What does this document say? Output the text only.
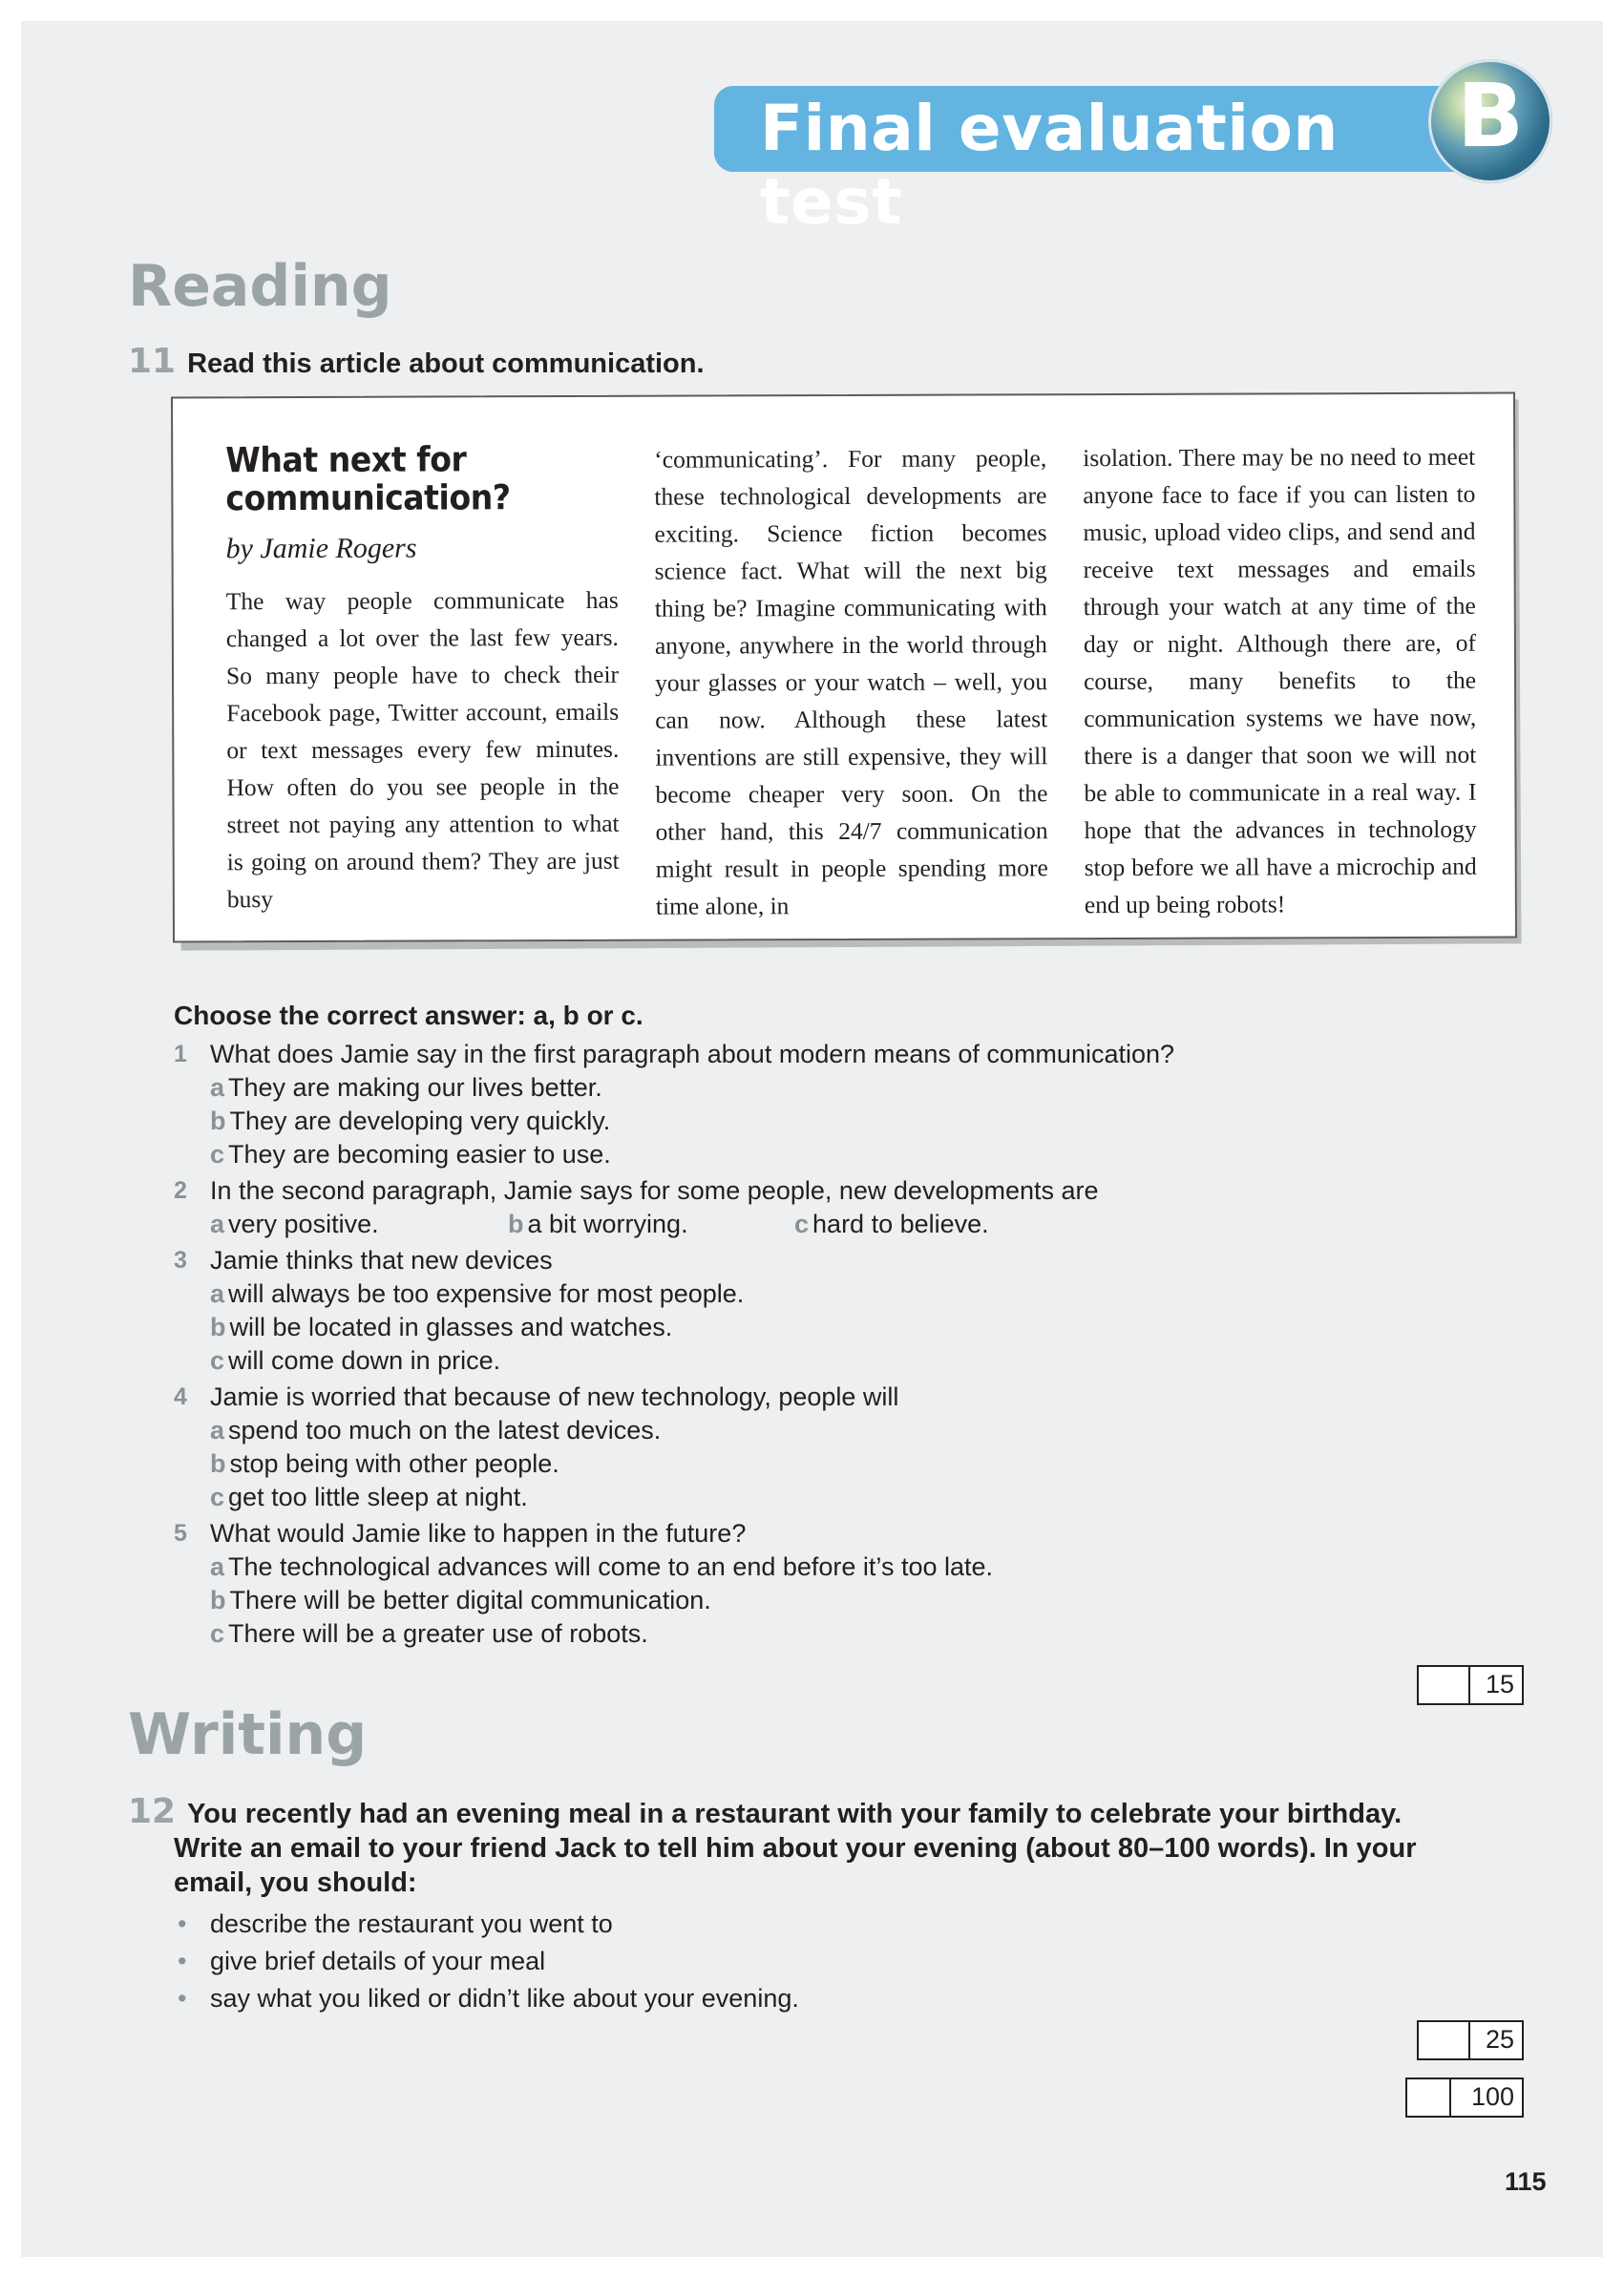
Final evaluation test
B
Reading
11 Read this article about communication.
What next for
communication?
by Jamie Rogers
The way people communicate has changed a lot over the last few years. So many people have to check their Facebook page, Twitter account, emails or text messages every few minutes. How often do you see people in the street not paying any attention to what is going on around them? They are just busy
‘communicating’. For many people, these technological developments are exciting. Science fiction becomes science fact. What will the next big thing be? Imagine communicating with anyone, anywhere in the world through your glasses or your watch – well, you can now. Although these latest inventions are still expensive, they will become cheaper very soon. On the other hand, this 24/7 communication might result in people spending more time alone, in
isolation. There may be no need to meet anyone face to face if you can listen to music, upload video clips, and send and receive text messages and emails through your watch at any time of the day or night. Although there are, of course, many benefits to the communication systems we have now, there is a danger that soon we will not be able to communicate in a real way. I hope that the advances in technology stop before we all have a microchip and end up being robots!
Choose the correct answer: a, b or c.
1 What does Jamie say in the first paragraph about modern means of communication?
a They are making our lives better.
b They are developing very quickly.
c They are becoming easier to use.
2 In the second paragraph, Jamie says for some people, new developments are
a very positive.	b a bit worrying.	c hard to believe.
3 Jamie thinks that new devices
a will always be too expensive for most people.
b will be located in glasses and watches.
c will come down in price.
4 Jamie is worried that because of new technology, people will
a spend too much on the latest devices.
b stop being with other people.
c get too little sleep at night.
5 What would Jamie like to happen in the future?
a The technological advances will come to an end before it’s too late.
b There will be better digital communication.
c There will be a greater use of robots.
15
Writing
12 You recently had an evening meal in a restaurant with your family to celebrate your birthday.
Write an email to your friend Jack to tell him about your evening (about 80–100 words). In your
email, you should:
• describe the restaurant you went to
• give brief details of your meal
• say what you liked or didn’t like about your evening.
25
100
115
